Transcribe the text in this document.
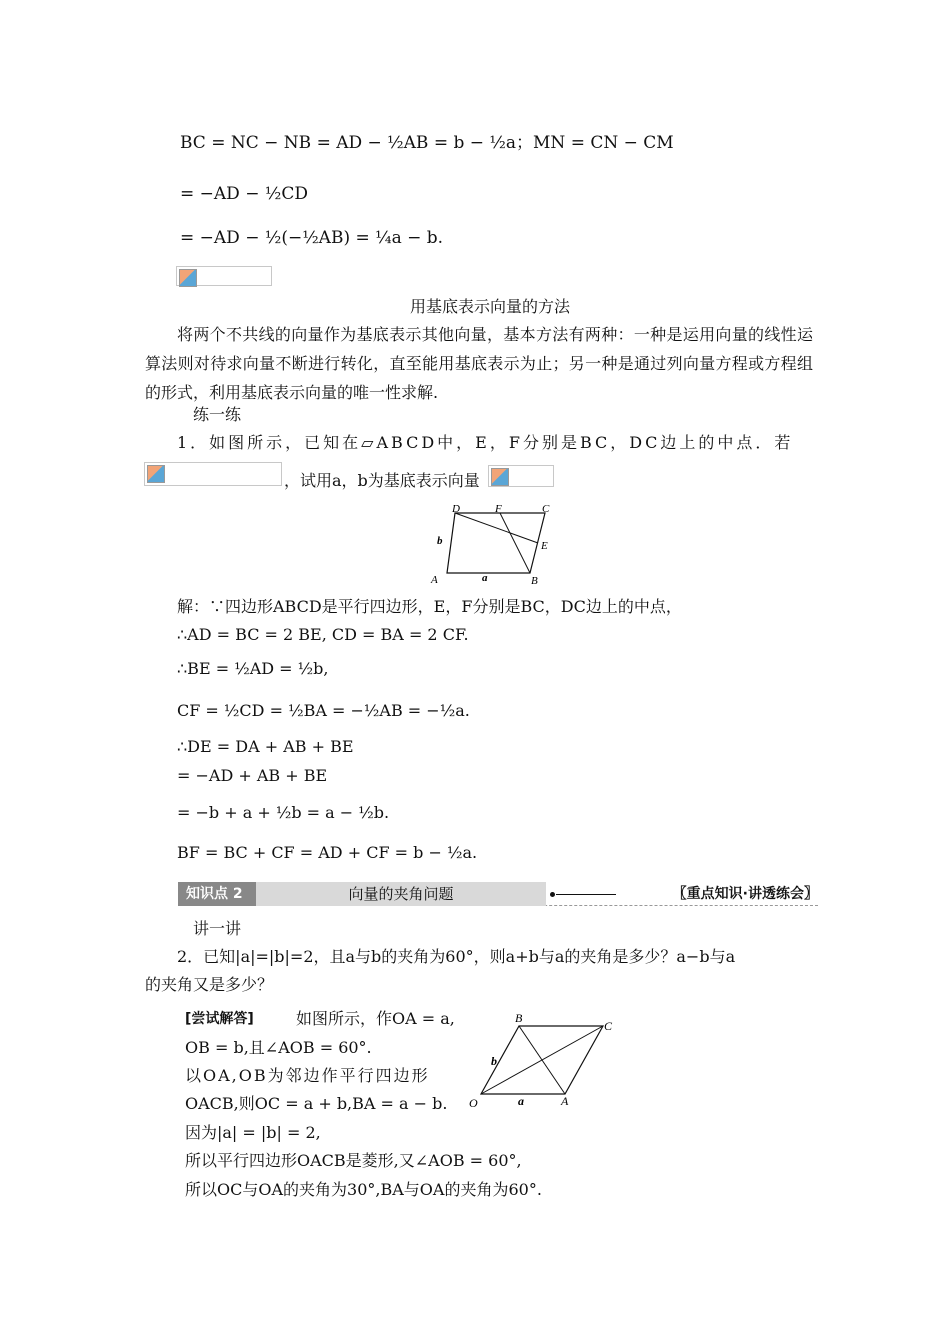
BC = NC − NB = AD − ½AB = b − ½a；MN = CN − CM
= −AD − ½CD
= −AD − ½(−½AB) = ¼a − b.
用基底表示向量的方法
将两个不共线的向量作为基底表示其他向量，基本方法有两种：一种是运用向量的线性运算法则对待求向量不断进行转化，直至能用基底表示为止；另一种是通过列向量方程或方程组的形式，利用基底表示向量的唯一性求解.
练一练
1．如图所示，已知在▱ABCD中，E，F分别是BC，DC边上的中点．若
，试用a，b为基底表示向量
D	F	C
b	E
A	a	B
解：∵四边形ABCD是平行四边形，E，F分别是BC，DC边上的中点，
∴AD = BC = 2 BE, CD = BA = 2 CF.
∴BE = ½AD = ½b,
CF = ½CD = ½BA = −½AB = −½a.
∴DE = DA + AB + BE
= −AD + AB + BE
= −b + a + ½b = a − ½b.
BF = BC + CF = AD + CF = b − ½a.
知识点 2	向量的夹角问题	〖重点知识·讲透练会〗
讲一讲
2．已知|a|=|b|=2，且a与b的夹角为60°，则a+b与a的夹角是多少？a−b与a
的夹角又是多少？
[尝试解答]	如图所示，作OA = a,
OB = b,且∠AOB = 60°.
以OA,OB为邻边作平行四边形
OACB,则OC = a + b,BA = a − b.
因为|a| = |b| = 2,
所以平行四边形OACB是菱形,又∠AOB = 60°,
所以OC与OA的夹角为30°,BA与OA的夹角为60°.
B
C
b
O	a	A
